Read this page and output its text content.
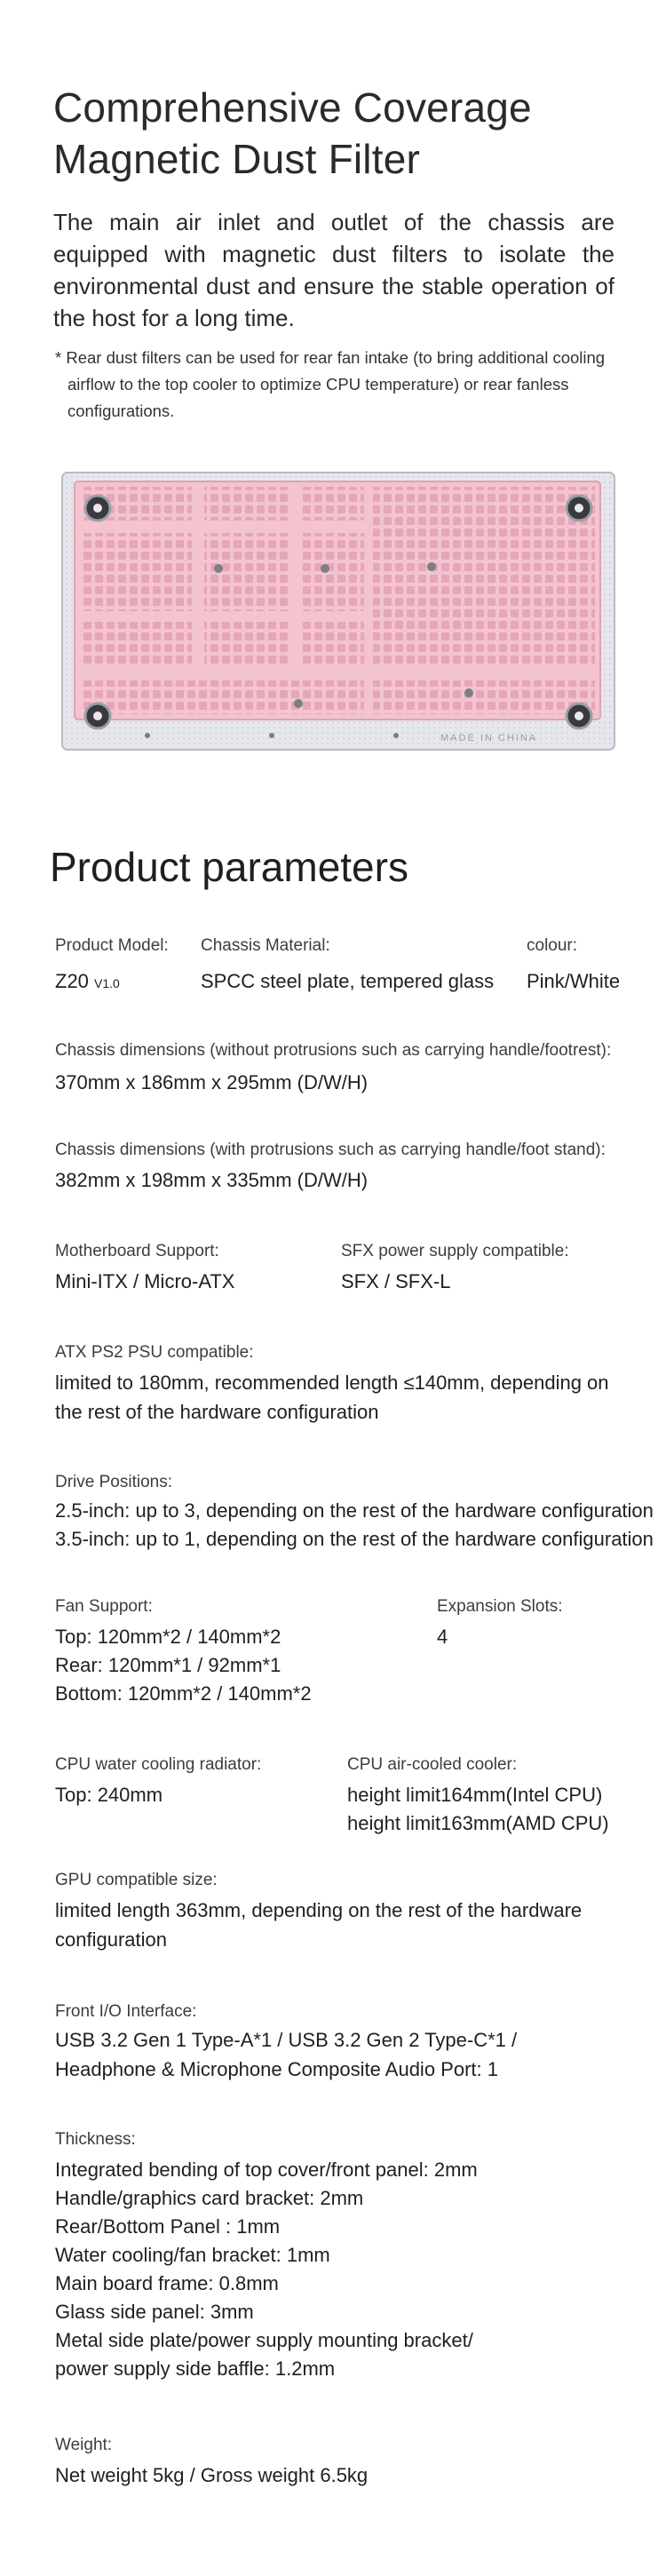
Comprehensive Coverage
Magnetic Dust Filter

The main air inlet and outlet of the chassis are equipped with magnetic dust filters to isolate the environmental dust and ensure the stable operation of the host for a long time.

* Rear dust filters can be used for rear fan intake (to bring additional cooling airflow to the top cooler to optimize CPU temperature) or rear fanless configurations.

MADE IN CHINA
Product parameters
Product Model:
Z20 V1.0
Chassis Material:
SPCC steel plate, tempered glass
colour:
Pink/White
Chassis dimensions (without protrusions such as carrying handle/footrest):
370mm x 186mm x 295mm (D/W/H)
Chassis dimensions (with protrusions such as carrying handle/foot stand):
382mm x 198mm x 335mm (D/W/H)
Motherboard Support:
Mini-ITX / Micro-ATX
SFX power supply compatible:
SFX / SFX-L
ATX PS2 PSU compatible:
limited to 180mm, recommended length ≤140mm, depending on the rest of the hardware configuration
Drive Positions:
2.5-inch: up to 3, depending on the rest of the hardware configuration
3.5-inch: up to 1, depending on the rest of the hardware configuration
Fan Support:
Top: 120mm*2 / 140mm*2
Rear: 120mm*1 / 92mm*1
Bottom: 120mm*2 / 140mm*2
Expansion Slots:
4
CPU water cooling radiator:
Top: 240mm
CPU air-cooled cooler:
height limit164mm(Intel CPU)
height limit163mm(AMD CPU)
GPU compatible size:
limited length 363mm, depending on the rest of the hardware configuration
Front I/O Interface:
USB 3.2 Gen 1 Type-A*1 / USB 3.2 Gen 2 Type-C*1 /
Headphone & Microphone Composite Audio Port: 1
Thickness:
Integrated bending of top cover/front panel: 2mm
Handle/graphics card bracket: 2mm
Rear/Bottom Panel : 1mm
Water cooling/fan bracket: 1mm
Main board frame: 0.8mm
Glass side panel: 3mm
Metal side plate/power supply mounting bracket/
power supply side baffle: 1.2mm
Weight:
Net weight 5kg / Gross weight 6.5kg
